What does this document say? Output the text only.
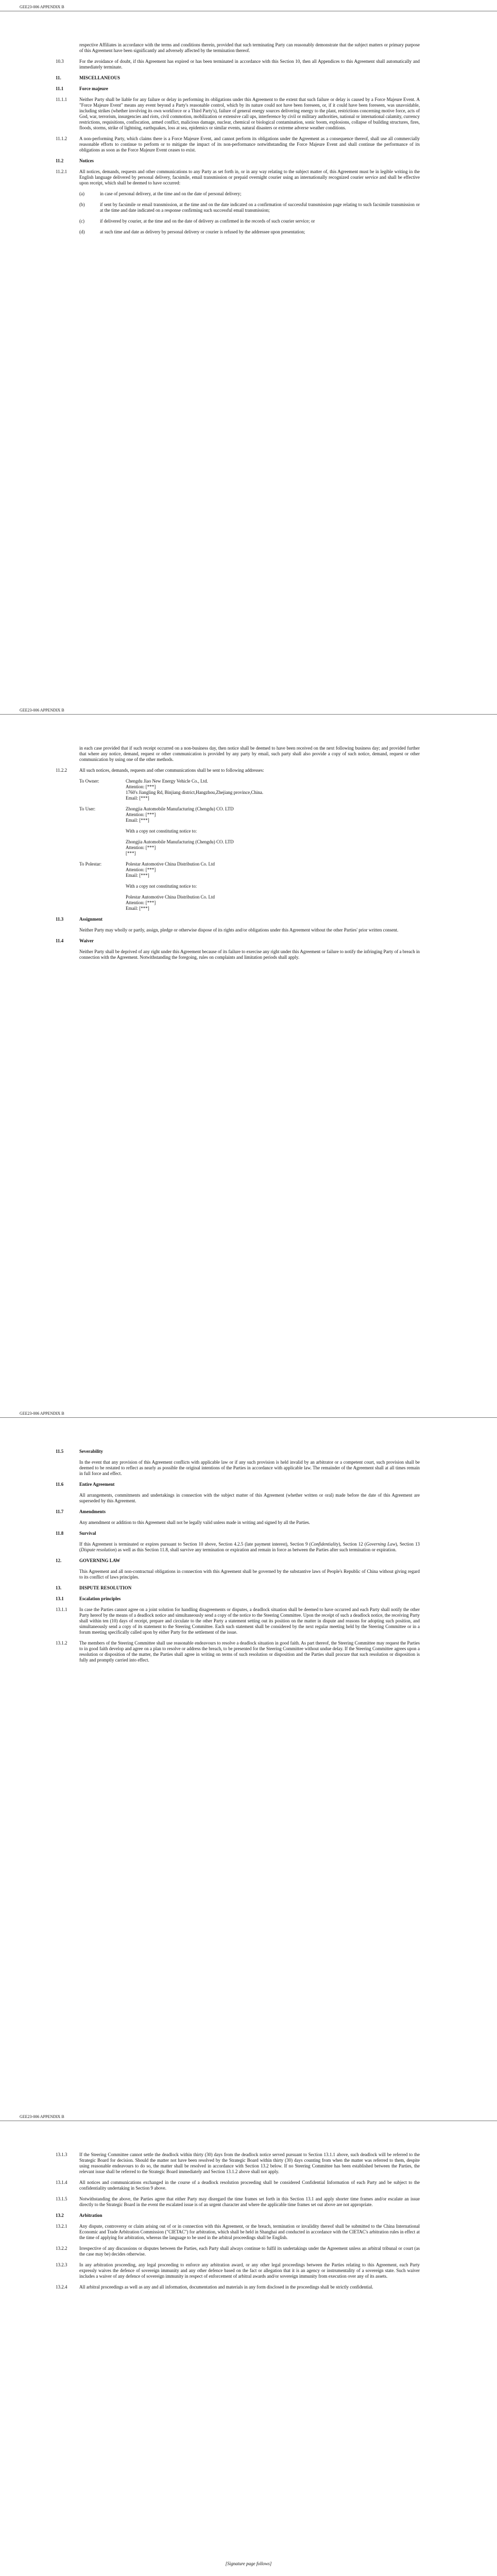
GEE23-006 APPENDIX B
respective Affiliates in accordance with the terms and conditions therein, provided that such terminating Party can reasonably demonstrate that the subject matters or primary purpose of this Agreement have been significantly and adversely affected by the termination thereof.
10.3	For the avoidance of doubt, if this Agreement has expired or has been terminated in accordance with this Section 10, then all Appendices to this Agreement shall automatically and immediately terminate.
11.	MISCELLANEOUS
11.1	Force majeure
11.1.1	Neither Party shall be liable for any failure or delay in performing its obligations under this Agreement to the extent that such failure or delay is caused by a Force Majeure Event. A "Force Majeure Event" means any event beyond a Party's reasonable control, which by its nature could not have been foreseen, or, if it could have been foreseen, was unavoidable, including strikes (whether involving its own workforce or a Third Party's), failure of general energy sources delivering energy to the plant, restrictions concerning motive force, acts of God, war, terrorism, insurgencies and riots, civil commotion, mobilization or extensive call ups, interference by civil or military authorities, national or international calamity, currency restrictions, requisitions, confiscation, armed conflict, malicious damage, nuclear, chemical or biological contamination, sonic boom, explosions, collapse of building structures, fires, floods, storms, strike of lightning, earthquakes, loss at sea, epidemics or similar events, natural disasters or extreme adverse weather conditions.
11.1.2	A non-performing Party, which claims there is a Force Majeure Event, and cannot perform its obligations under the Agreement as a consequence thereof, shall use all commercially reasonable efforts to continue to perform or to mitigate the impact of its non-performance notwithstanding the Force Majeure Event and shall continue the performance of its obligations as soon as the Force Majeure Event ceases to exist.
11.2	Notices
11.2.1	All notices, demands, requests and other communications to any Party as set forth in, or in any way relating to the subject matter of, this Agreement must be in legible writing in the English language delivered by personal delivery, facsimile, email transmission or prepaid overnight courier using an internationally recognized courier service and shall be effective upon receipt, which shall be deemed to have occurred:
(a)	in case of personal delivery, at the time and on the date of personal delivery;
(b)	if sent by facsimile or email transmission, at the time and on the date indicated on a confirmation of successful transmission page relating to such facsimile transmission or at the time and date indicated on a response confirming such successful email transmission;
(c)	if delivered by courier, at the time and on the date of delivery as confirmed in the records of such courier service; or
(d)	at such time and date as delivery by personal delivery or courier is refused by the addressee upon presentation;
GEE23-006 APPENDIX B
in each case provided that if such receipt occurred on a non-business day, then notice shall be deemed to have been received on the next following business day; and provided further that where any notice, demand, request or other communication is provided by any party by email, such party shall also provide a copy of such notice, demand, request or other communication by using one of the other methods.
11.2.2	All such notices, demands, requests and other communications shall be sent to following addresses:
To Owner:	Chengdu Jiao New Energy Vehicle Co., Ltd.
Attention: [***]
1760's Jiangling Rd, Binjiang district,Hangzhou,Zhejiang province,China.
Email: [***]
To User:	Zhongjia Automobile Manufacturing (Chengdu) CO. LTD
Attention: [***]
Email: [***]
With a copy not constituting notice to:
Zhongjia Automobile Manufacturing (Chengdu) CO. LTD
Attention: [***]
[***]
To Polestar:	Polestar Automotive China Distribution Co. Ltd
Attention: [***]
Email: [***]
With a copy not constituting notice to:
Polestar Automotive China Distribution Co. Ltd
Attention: [***]
Email: [***]
11.3	Assignment
Neither Party may wholly or partly, assign, pledge or otherwise dispose of its rights and/or obligations under this Agreement without the other Parties' prior written consent.
11.4	Waiver
Neither Party shall be deprived of any right under this Agreement because of its failure to exercise any right under this Agreement or failure to notify the infringing Party of a breach in connection with the Agreement. Notwithstanding the foregoing, rules on complaints and limitation periods shall apply.
GEE23-006 APPENDIX B
11.5	Severability
In the event that any provision of this Agreement conflicts with applicable law or if any such provision is held invalid by an arbitrator or a competent court, such provision shall be deemed to be restated to reflect as nearly as possible the original intentions of the Parties in accordance with applicable law. The remainder of the Agreement shall at all times remain in full force and effect.
11.6	Entire Agreement
All arrangements, commitments and undertakings in connection with the subject matter of this Agreement (whether written or oral) made before the date of this Agreement are superseded by this Agreement.
11.7	Amendments
Any amendment or addition to this Agreement shall not be legally valid unless made in writing and signed by all the Parties.
11.8	Survival
If this Agreement is terminated or expires pursuant to Section 10 above, Section 4.2.5 (late payment interest), Section 9 (Confidentiality), Section 12 (Governing Law), Section 13 (Dispute resolution) as well as this Section 11.8, shall survive any termination or expiration and remain in force as between the Parties after such termination or expiration.
12.	GOVERNING LAW
This Agreement and all non-contractual obligations in connection with this Agreement shall be governed by the substantive laws of People's Republic of China without giving regard to its conflict of laws principles.
13.	DISPUTE RESOLUTION
13.1	Escalation principles
13.1.1	In case the Parties cannot agree on a joint solution for handling disagreements or disputes, a deadlock situation shall be deemed to have occurred and each Party shall notify the other Party hereof by the means of a deadlock notice and simultaneously send a copy of the notice to the Steering Committee. Upon the receipt of such a deadlock notice, the receiving Party shall within ten (10) days of receipt, prepare and circulate to the other Party a statement setting out its position on the matter in dispute and reasons for adopting such position, and simultaneously send a copy of its statement to the Steering Committee. Each such statement shall be considered by the next regular meeting held by the Steering Committee or in a forum meeting specifically called upon by either Party for the settlement of the issue.
13.1.2	The members of the Steering Committee shall use reasonable endeavours to resolve a deadlock situation in good faith. As part thereof, the Steering Committee may request the Parties to in good faith develop and agree on a plan to resolve or address the breach, to be presented for the Steering Committee without undue delay. If the Steering Committee agrees upon a resolution or disposition of the matter, the Parties shall agree in writing on terms of such resolution or disposition and the Parties shall procure that such resolution or disposition is fully and promptly carried into effect.
GEE23-006 APPENDIX B
13.1.3	If the Steering Committee cannot settle the deadlock within thirty (30) days from the deadlock notice served pursuant to Section 13.1.1 above, such deadlock will be referred to the Strategic Board for decision. Should the matter not have been resolved by the Strategic Board within thirty (30) days counting from when the matter was referred to them, despite using reasonable endeavours to do so, the matter shall be resolved in accordance with Section 13.2 below. If no Steering Committee has been established between the Parties, the relevant issue shall be referred to the Strategic Board immediately and Section 13.1.2 above shall not apply.
13.1.4	All notices and communications exchanged in the course of a deadlock resolution proceeding shall be considered Confidential Information of each Party and be subject to the confidentiality undertaking in Section 9 above.
13.1.5	Notwithstanding the above, the Parties agree that either Party may disregard the time frames set forth in this Section 13.1 and apply shorter time frames and/or escalate an issue directly to the Strategic Board in the event the escalated issue is of an urgent character and where the applicable time frames set out above are not appropriate.
13.2	Arbitration
13.2.1	Any dispute, controversy or claim arising out of or in connection with this Agreement, or the breach, termination or invalidity thereof shall be submitted to the China International Economic and Trade Arbitration Commission ("CIETAC") for arbitration, which shall be held in Shanghai and conducted in accordance with the CIETAC's arbitration rules in effect at the time of applying for arbitration, whereas the language to be used in the arbitral proceedings shall be English.
13.2.2	Irrespective of any discussions or disputes between the Parties, each Party shall always continue to fulfil its undertakings under the Agreement unless an arbitral tribunal or court (as the case may be) decides otherwise.
13.2.3	In any arbitration proceeding, any legal proceeding to enforce any arbitration award, or any other legal proceedings between the Parties relating to this Agreement, each Party expressly waives the defence of sovereign immunity and any other defence based on the fact or allegation that it is an agency or instrumentality of a sovereign state. Such waiver includes a waiver of any defence of sovereign immunity in respect of enforcement of arbitral awards and/or sovereign immunity from execution over any of its assets.
13.2.4	All arbitral proceedings as well as any and all information, documentation and materials in any form disclosed in the proceedings shall be strictly confidential.
[Signature page follows]
